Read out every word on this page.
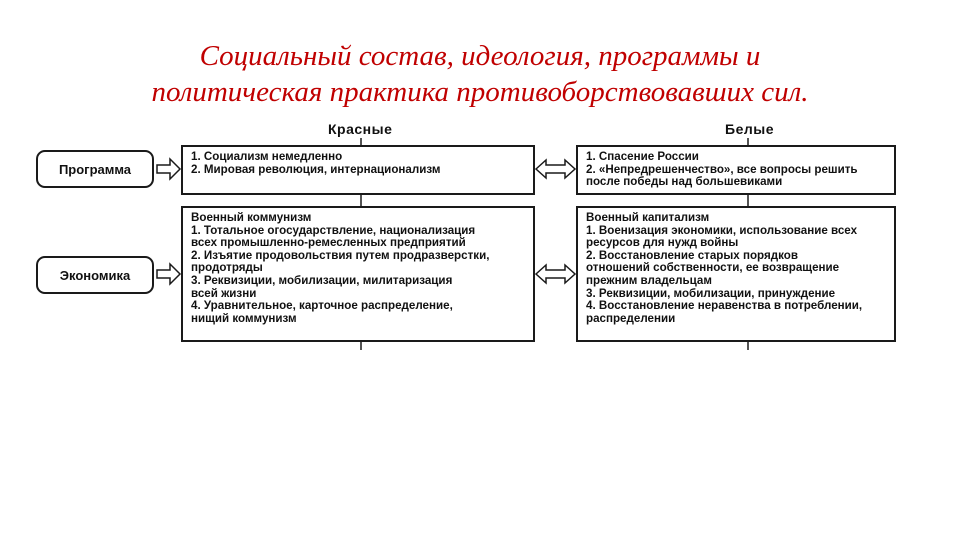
Социальный состав, идеология, программы и
политическая практика противоборствовавших сил.
Красные	Белые
Программа
Экономика
1. Социализм немедленно
2. Мировая революция, интернационализм
1. Спасение России
2. «Непредрешенчество», все вопросы решить
после победы над большевиками
Военный коммунизм
1. Тотальное огосударствление, национализация
всех промышленно-ремесленных предприятий
2. Изъятие продовольствия путем продразверстки,
продотряды
3. Реквизиции, мобилизации, милитаризация
всей жизни
4. Уравнительное, карточное распределение,
нищий коммунизм
Военный капитализм
1. Военизация экономики, использование всех
ресурсов для нужд войны
2. Восстановление старых порядков
отношений собственности, ее возвращение
прежним владельцам
3. Реквизиции, мобилизации, принуждение
4. Восстановление неравенства в потреблении,
распределении
